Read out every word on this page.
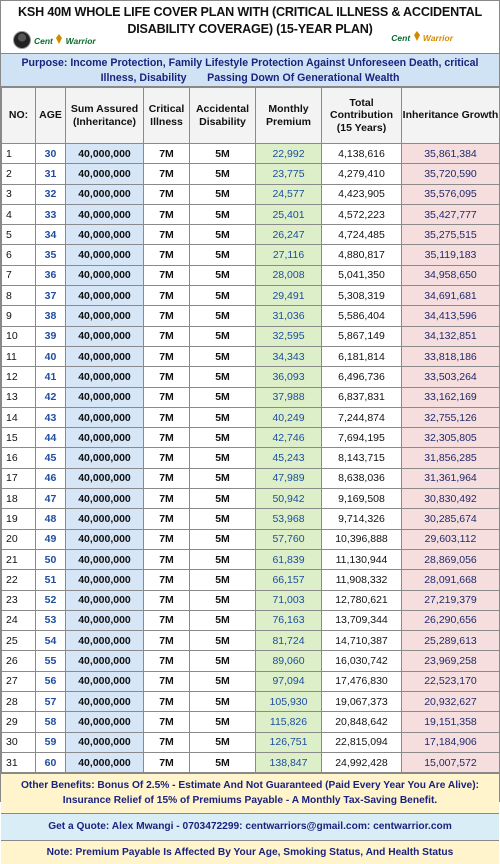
KSH 40M WHOLE LIFE COVER PLAN WITH (CRITICAL ILLNESS & ACCIDENTAL
DISABILITY COVERAGE) (15-YEAR PLAN)
Cent Warrior	Cent Warrior
Purpose: Income Protection, Family Lifestyle Protection Against Unforeseen Death, critical
Illness, Disability       Passing Down Of Generational Wealth
NO:	AGE	Sum Assured (Inheritance)	Critical Illness	Accidental Disability	Monthly Premium	Total Contribution (15 Years)	Inheritance Growth
1	30	40,000,000	7M	5M	22,992	4,138,616	35,861,384
2	31	40,000,000	7M	5M	23,775	4,279,410	35,720,590
3	32	40,000,000	7M	5M	24,577	4,423,905	35,576,095
4	33	40,000,000	7M	5M	25,401	4,572,223	35,427,777
5	34	40,000,000	7M	5M	26,247	4,724,485	35,275,515
6	35	40,000,000	7M	5M	27,116	4,880,817	35,119,183
7	36	40,000,000	7M	5M	28,008	5,041,350	34,958,650
8	37	40,000,000	7M	5M	29,491	5,308,319	34,691,681
9	38	40,000,000	7M	5M	31,036	5,586,404	34,413,596
10	39	40,000,000	7M	5M	32,595	5,867,149	34,132,851
11	40	40,000,000	7M	5M	34,343	6,181,814	33,818,186
12	41	40,000,000	7M	5M	36,093	6,496,736	33,503,264
13	42	40,000,000	7M	5M	37,988	6,837,831	33,162,169
14	43	40,000,000	7M	5M	40,249	7,244,874	32,755,126
15	44	40,000,000	7M	5M	42,746	7,694,195	32,305,805
16	45	40,000,000	7M	5M	45,243	8,143,715	31,856,285
17	46	40,000,000	7M	5M	47,989	8,638,036	31,361,964
18	47	40,000,000	7M	5M	50,942	9,169,508	30,830,492
19	48	40,000,000	7M	5M	53,968	9,714,326	30,285,674
20	49	40,000,000	7M	5M	57,760	10,396,888	29,603,112
21	50	40,000,000	7M	5M	61,839	11,130,944	28,869,056
22	51	40,000,000	7M	5M	66,157	11,908,332	28,091,668
23	52	40,000,000	7M	5M	71,003	12,780,621	27,219,379
24	53	40,000,000	7M	5M	76,163	13,709,344	26,290,656
25	54	40,000,000	7M	5M	81,724	14,710,387	25,289,613
26	55	40,000,000	7M	5M	89,060	16,030,742	23,969,258
27	56	40,000,000	7M	5M	97,094	17,476,830	22,523,170
28	57	40,000,000	7M	5M	105,930	19,067,373	20,932,627
29	58	40,000,000	7M	5M	115,826	20,848,642	19,151,358
30	59	40,000,000	7M	5M	126,751	22,815,094	17,184,906
31	60	40,000,000	7M	5M	138,847	24,992,428	15,007,572
Other Benefits: Bonus Of 2.5% - Estimate And Not Guaranteed (Paid Every Year You Are Alive):
Insurance Relief of 15% of Premiums Payable - A Monthly Tax-Saving Benefit.
Get a Quote: Alex Mwangi - 0703472299: centwarriors@gmail.com: centwarrior.com
Note: Premium Payable Is Affected By Your Age, Smoking Status, And Health Status
